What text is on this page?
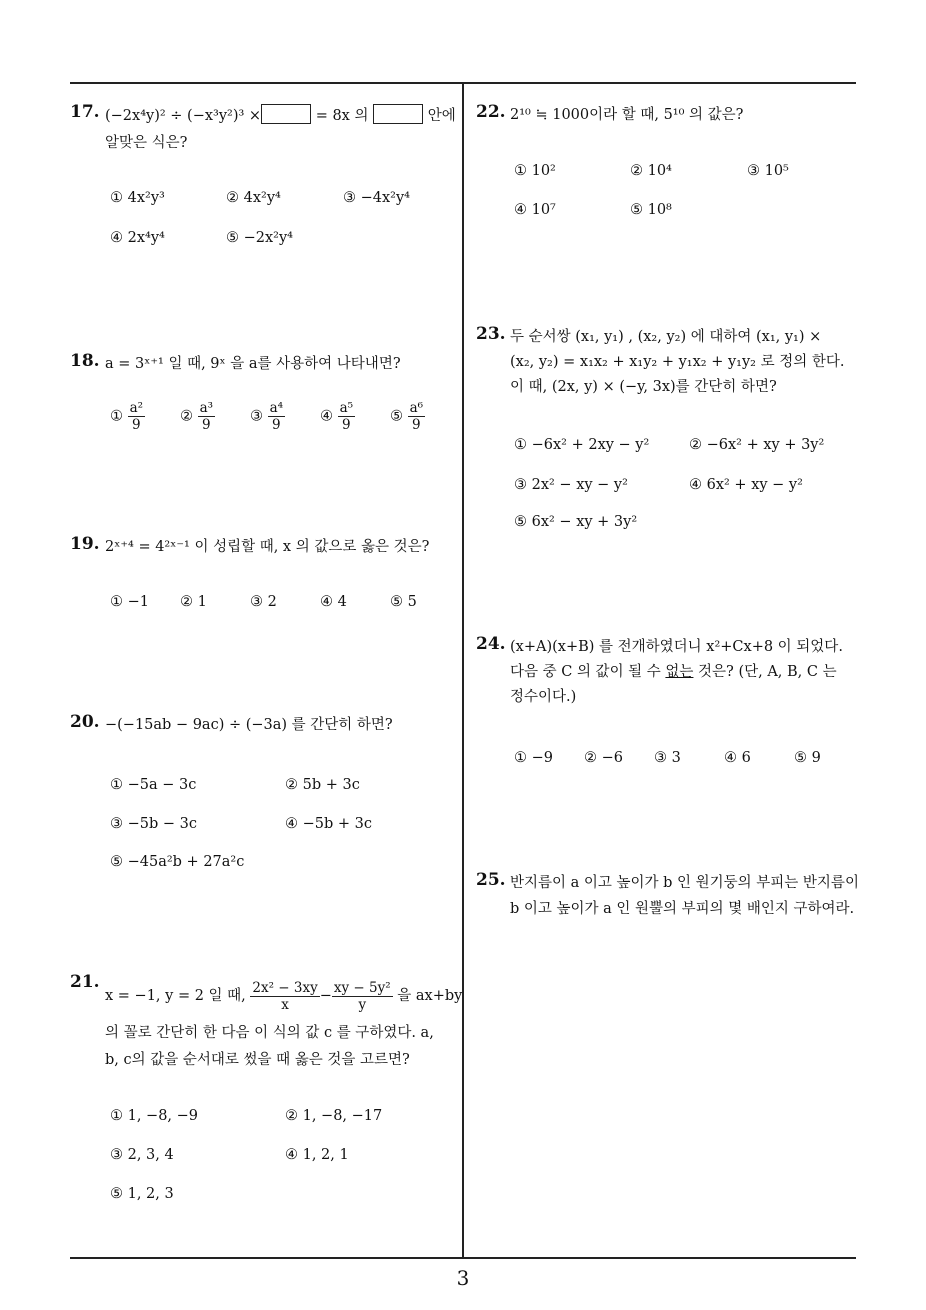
17. (−2x⁴y)² ÷ (−x³y²)³ ×	= 8x 의	안에
알맞은 식은?
① 4x²y³	② 4x²y⁴	③ −4x²y⁴
④ 2x⁴y⁴	⑤ −2x²y⁴
18. a = 3ˣ⁺¹ 일 때, 9ˣ 을 a를 사용하여 나타내면?
① $\frac{\text{a²}}{9}$ ② $\frac{\text{a³}}{9}$ ③ $\frac{\text{a⁴}}{9}$ ④ $\frac{\text{a⁵}}{9}$ ⑤ $\frac{\text{a⁶}}{9}$
19. 2ˣ⁺⁴ = 4²ˣ⁻¹ 이 성립할 때, x 의 값으로 옳은 것은?
① −1 ② 1	③ 2	④ 4	⑤ 5
20. −(−15ab − 9ac) ÷ (−3a) 를 간단히 하면?
① −5a − 3c	② 5b + 3c
③ −5b − 3c	④ −5b + 3c
⑤ −45a²b + 27a²c
21.
x = −1, y = 2 일 때, $\frac{\text{2x² − 3xy}}{x} - \frac{\text{xy − 5y²}}{y}$ 을 ax+by
의 꼴로 간단히 한 다음 이 식의 값 c 를 구하였다. a,
b, c의 값을 순서대로 썼을 때 옳은 것을 고르면?
① 1, −8, −9	② 1, −8, −17
③ 2, 3, 4	④ 1, 2, 1
⑤ 1, 2, 3
22. 2¹⁰ ≒ 1000이라 할 때, 5¹⁰ 의 값은?
① 10²	② 10⁴	③ 10⁵
④ 10⁷	⑤ 10⁸
23. 두 순서쌍 (x₁, y₁) , (x₂, y₂) 에 대하여 (x₁, y₁) ×
(x₂, y₂) = x₁x₂ + x₁y₂ + y₁x₂ + y₁y₂ 로 정의 한다.
이 때, (2x, y) × (−y, 3x)를 간단히 하면?
① −6x² + 2xy − y²	② −6x² + xy + 3y²
③ 2x² − xy − y²	④ 6x² + xy − y²
⑤ 6x² − xy + 3y²
24. (x+A)(x+B) 를 전개하였더니 x²+Cx+8 이 되었다.
다음 중 C 의 값이 될 수 없는 것은? (단, A, B, C 는
정수이다.)
① −9 ② −6 ③ 3	④ 6	⑤ 9
25. 반지름이 a 이고 높이가 b 인 원기둥의 부피는 반지름이
b 이고 높이가 a 인 원뿔의 부피의 몇 배인지 구하여라.
3
